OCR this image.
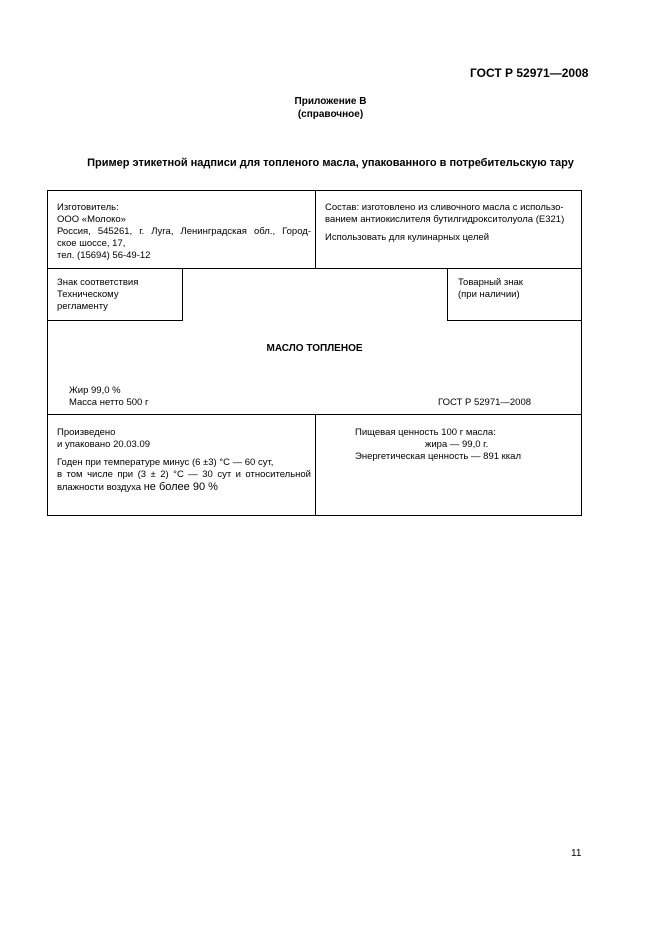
ГОСТ Р 52971—2008
Приложение В
(справочное)
Пример этикетной надписи для топленого масла, упакованного в потребительскую тару
Изготовитель:
ООО «Молоко»
Россия, 545261, г. Луга, Ленинградская обл., Город-
ское шоссе, 17,
тел. (15694) 56-49-12
Состав: изготовлено из сливочного масла с использо-
ванием антиокислителя бутилгидрокситолуола (Е321)
Использовать для кулинарных целей
Знак соответствия
Техническому
регламенту
Товарный знак
(при наличии)
МАСЛО ТОПЛЕНОЕ
Жир 99,0 %
Масса нетто 500 г	ГОСТ Р 52971—2008
Произведено
и упаковано 20.03.09
Годен при температуре минус (6 ±3) °С — 60 сут,
в том числе при (3 ± 2) °С — 30 сут и относительной
влажности воздуха не более 90 %
Пищевая ценность 100 г масла:
жира — 99,0 г.
Энергетическая ценность — 891 ккал
11
